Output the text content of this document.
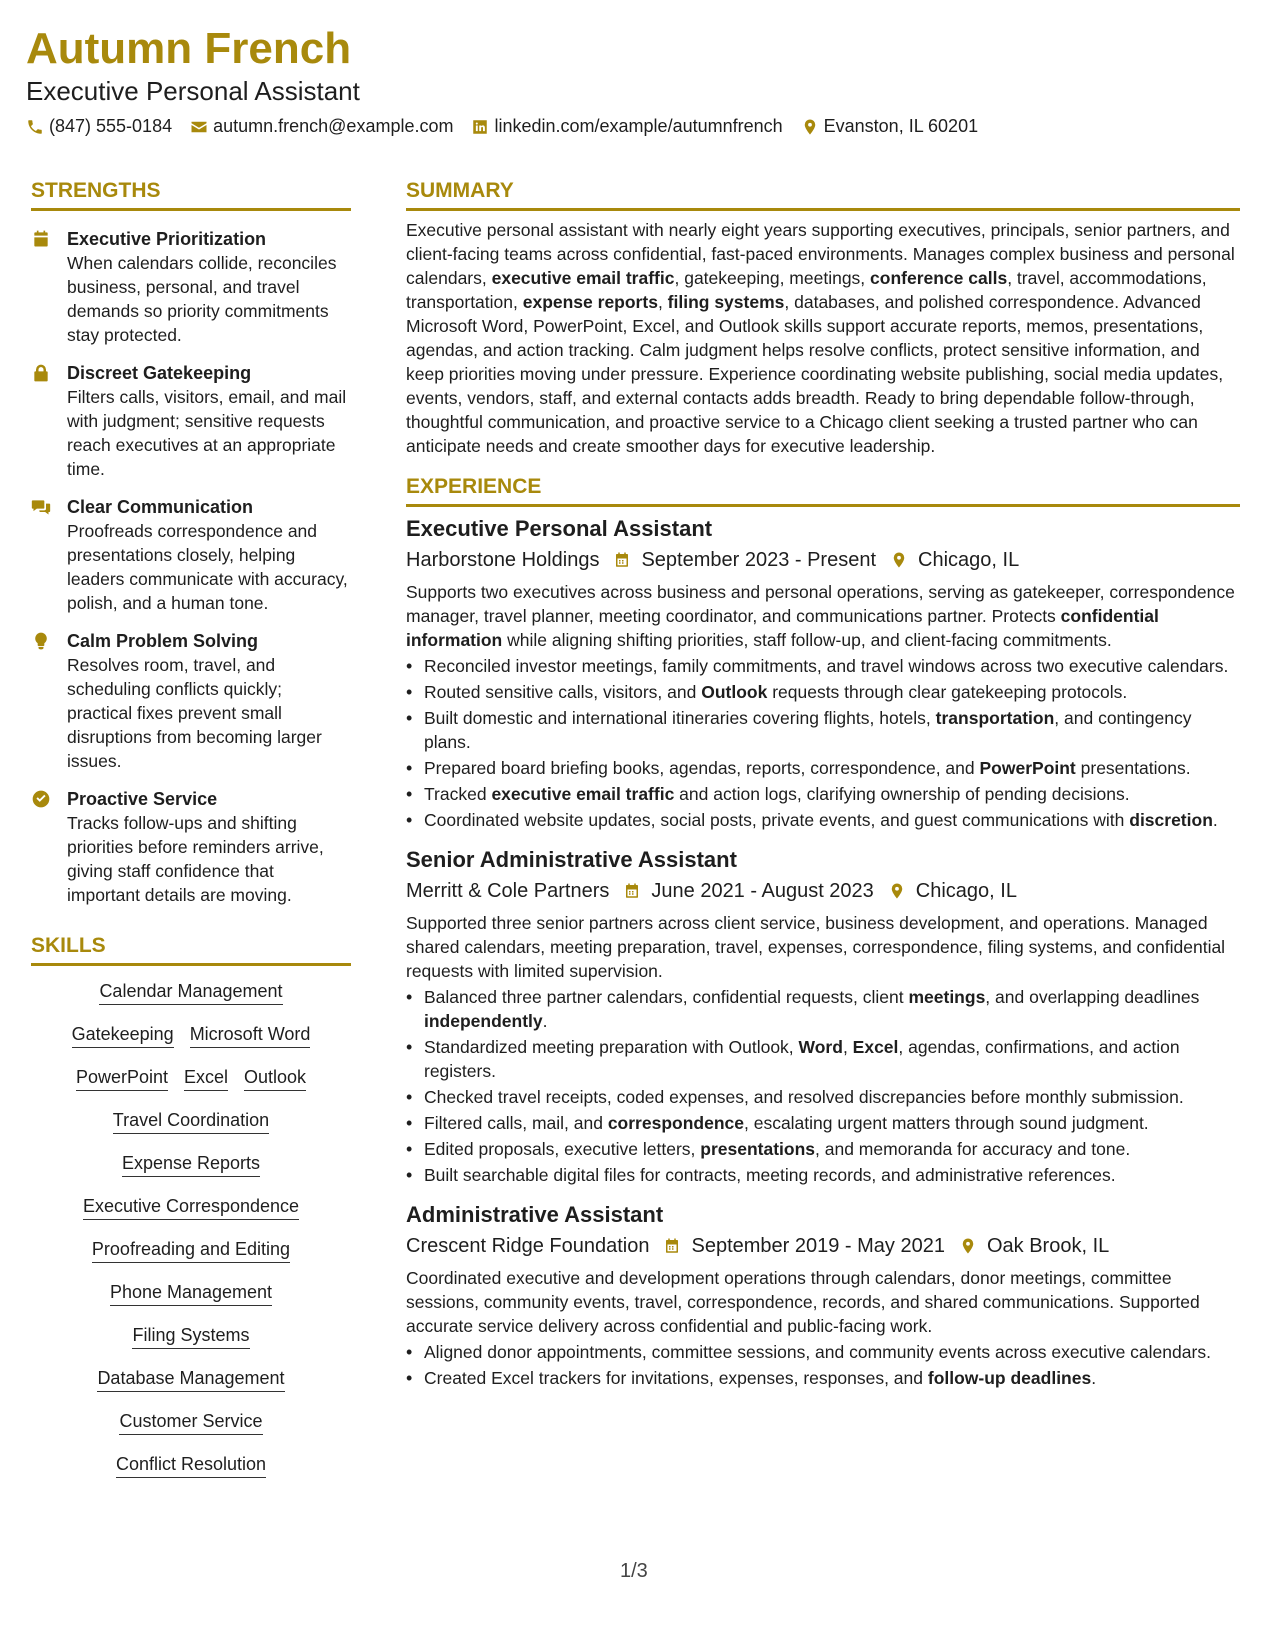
Autumn French
Executive Personal Assistant
(847) 555-0184 autumn.french@example.com linkedin.com/example/autumnfrench Evanston, IL 60201
STRENGTHS
Executive Prioritization
When calendars collide, reconciles business, personal, and travel demands so priority commitments stay protected.
Discreet Gatekeeping
Filters calls, visitors, email, and mail with judgment; sensitive requests reach executives at an appropriate time.
Clear Communication
Proofreads correspondence and presentations closely, helping leaders communicate with accuracy, polish, and a human tone.
Calm Problem Solving
Resolves room, travel, and scheduling conflicts quickly; practical fixes prevent small disruptions from becoming larger issues.
Proactive Service
Tracks follow-ups and shifting priorities before reminders arrive, giving staff confidence that important details are moving.
SKILLS
Calendar Management
Gatekeeping Microsoft Word
PowerPoint Excel Outlook
Travel Coordination
Expense Reports
Executive Correspondence
Proofreading and Editing
Phone Management
Filing Systems
Database Management
Customer Service
Conflict Resolution
SUMMARY
Executive personal assistant with nearly eight years supporting executives, principals, senior partners, and client-facing teams across confidential, fast-paced environments. Manages complex business and personal calendars, executive email traffic, gatekeeping, meetings, conference calls, travel, accommodations, transportation, expense reports, filing systems, databases, and polished correspondence. Advanced Microsoft Word, PowerPoint, Excel, and Outlook skills support accurate reports, memos, presentations, agendas, and action tracking. Calm judgment helps resolve conflicts, protect sensitive information, and keep priorities moving under pressure. Experience coordinating website publishing, social media updates, events, vendors, staff, and external contacts adds breadth. Ready to bring dependable follow-through, thoughtful communication, and proactive service to a Chicago client seeking a trusted partner who can anticipate needs and create smoother days for executive leadership.
EXPERIENCE
Executive Personal Assistant
Harborstone Holdings September 2023 - Present Chicago, IL
Supports two executives across business and personal operations, serving as gatekeeper, correspondence manager, travel planner, meeting coordinator, and communications partner. Protects confidential information while aligning shifting priorities, staff follow-up, and client-facing commitments.
• Reconciled investor meetings, family commitments, and travel windows across two executive calendars.
• Routed sensitive calls, visitors, and Outlook requests through clear gatekeeping protocols.
• Built domestic and international itineraries covering flights, hotels, transportation, and contingency plans.
• Prepared board briefing books, agendas, reports, correspondence, and PowerPoint presentations.
• Tracked executive email traffic and action logs, clarifying ownership of pending decisions.
• Coordinated website updates, social posts, private events, and guest communications with discretion.
Senior Administrative Assistant
Merritt & Cole Partners June 2021 - August 2023 Chicago, IL
Supported three senior partners across client service, business development, and operations. Managed shared calendars, meeting preparation, travel, expenses, correspondence, filing systems, and confidential requests with limited supervision.
• Balanced three partner calendars, confidential requests, client meetings, and overlapping deadlines independently.
• Standardized meeting preparation with Outlook, Word, Excel, agendas, confirmations, and action registers.
• Checked travel receipts, coded expenses, and resolved discrepancies before monthly submission.
• Filtered calls, mail, and correspondence, escalating urgent matters through sound judgment.
• Edited proposals, executive letters, presentations, and memoranda for accuracy and tone.
• Built searchable digital files for contracts, meeting records, and administrative references.
Administrative Assistant
Crescent Ridge Foundation September 2019 - May 2021 Oak Brook, IL
Coordinated executive and development operations through calendars, donor meetings, committee sessions, community events, travel, correspondence, records, and shared communications. Supported accurate service delivery across confidential and public-facing work.
• Aligned donor appointments, committee sessions, and community events across executive calendars.
• Created Excel trackers for invitations, expenses, responses, and follow-up deadlines.
1/3
